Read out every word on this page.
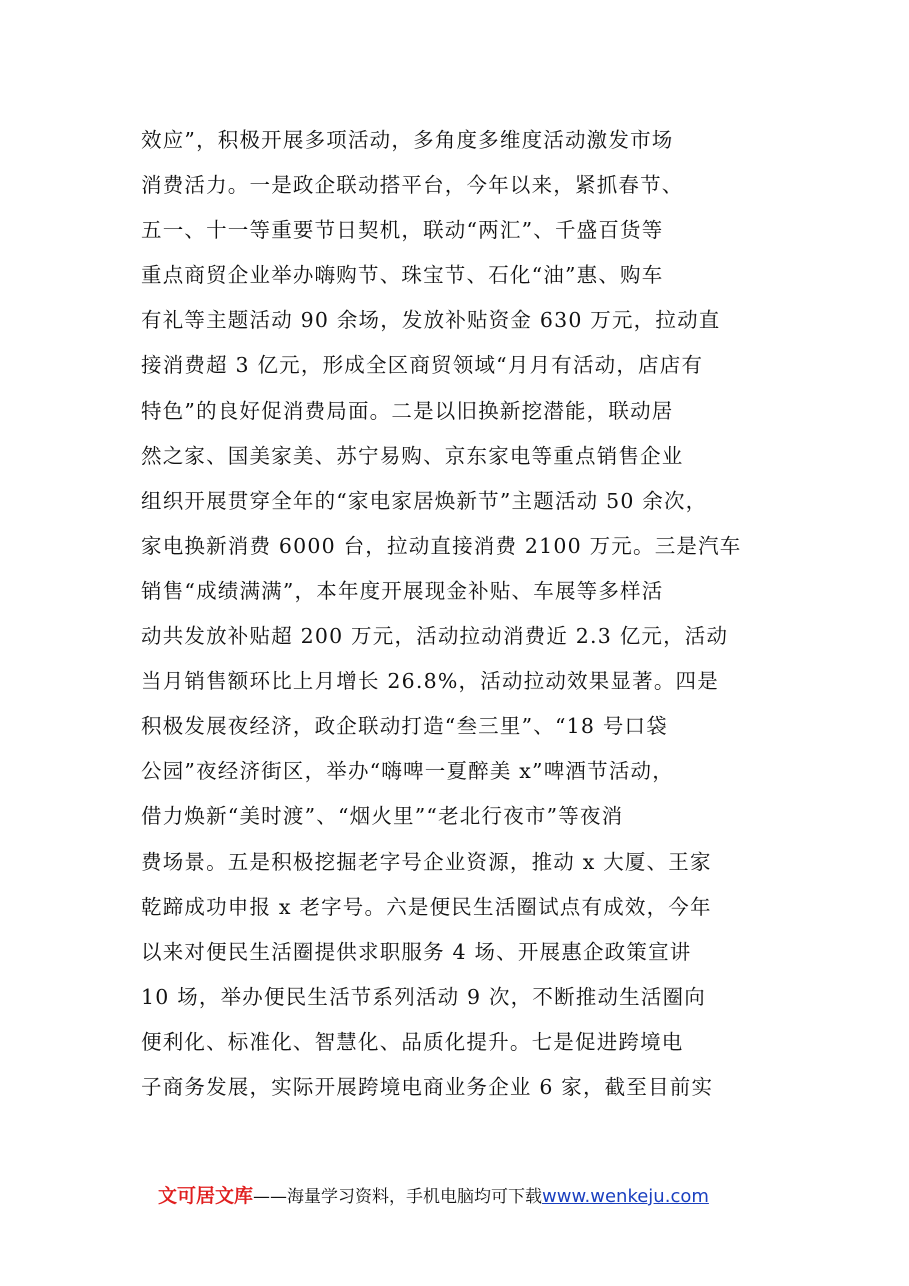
效应”，积极开展多项活动，多角度多维度活动激发市场
消费活力。一是政企联动搭平台，今年以来，紧抓春节、
五一、十一等重要节日契机，联动“两汇”、千盛百货等
重点商贸企业举办嗨购节、珠宝节、石化“油”惠、购车
有礼等主题活动 90 余场，发放补贴资金 630 万元，拉动直
接消费超 3 亿元，形成全区商贸领域“月月有活动，店店有
特色”的良好促消费局面。二是以旧换新挖潜能，联动居
然之家、国美家美、苏宁易购、京东家电等重点销售企业
组织开展贯穿全年的“家电家居焕新节”主题活动 50 余次，
家电换新消费 6000 台，拉动直接消费 2100 万元。三是汽车
销售“成绩满满”，本年度开展现金补贴、车展等多样活
动共发放补贴超 200 万元，活动拉动消费近 2.3 亿元，活动
当月销售额环比上月增长 26.8%，活动拉动效果显著。四是
积极发展夜经济，政企联动打造“叁三里”、“18 号口袋
公园”夜经济街区，举办“嗨啤一夏醉美 x”啤酒节活动，
借力焕新“美时渡”、“烟火里”“老北行夜市”等夜消
费场景。五是积极挖掘老字号企业资源，推动 x 大厦、王家
乾蹄成功申报 x 老字号。六是便民生活圈试点有成效，今年
以来对便民生活圈提供求职服务 4 场、开展惠企政策宣讲
10 场，举办便民生活节系列活动 9 次，不断推动生活圈向
便利化、标准化、智慧化、品质化提升。七是促进跨境电
子商务发展，实际开展跨境电商业务企业 6 家，截至目前实
文可居文库——海量学习资料，手机电脑均可下载www.wenkeju.com
